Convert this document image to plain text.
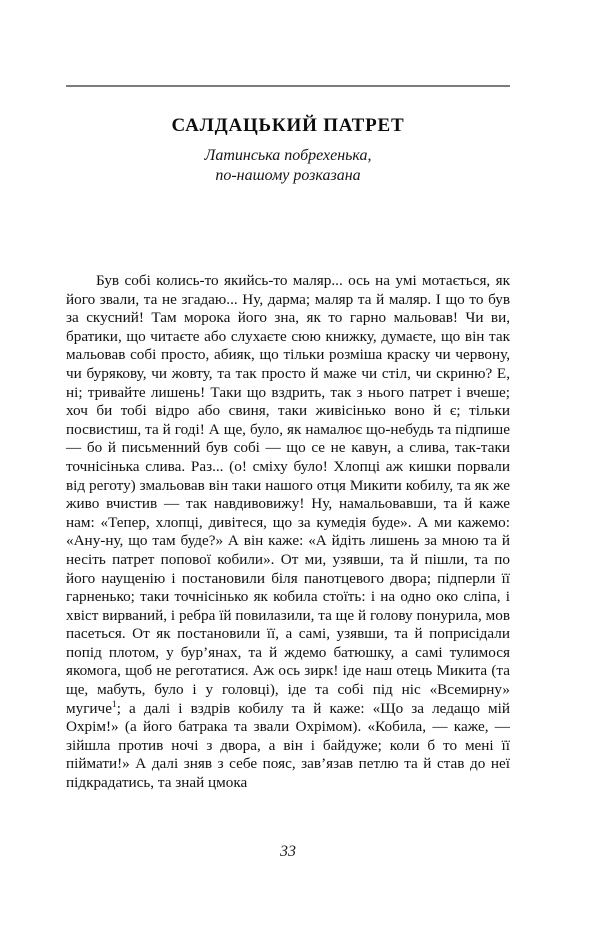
САЛДАЦЬКИЙ ПАТРЕТ
Латинська побрехенька,
по-нашому розказана

Був собі колись-то якийсь-то маляр... ось на умі мотається, як його звали, та не згадаю... Ну, дарма; маляр та й маляр. І що то був за скусний! Там морока його зна, як то гарно мальовав! Чи ви, братики, що читаєте або слухаєте сюю книжку, думаєте, що він так мальовав собі просто, абияк, що тільки розміша краску чи червону, чи бурякову, чи жовту, та так просто й маже чи стіл, чи скриню? Е, ні; тривайте лишень! Таки що вздрить, так з нього патрет і вчеше; хоч би тобі відро або свиня, таки живісінько воно й є; тільки посвистиш, та й годі! А ще, було, як намалює що-небудь та підпише — бо й письменний був собі — що се не кавун, а слива, так-таки точнісінька слива. Раз... (о! сміху було! Хлопці аж кишки порвали від реготу) змальовав він таки нашого отця Микити кобилу, та як же живо вчистив — так навдивовижу! Ну, намальовавши, та й каже нам: «Тепер, хлопці, дивітеся, що за кумедія буде». А ми кажемо: «Ану-ну, що там буде?» А він каже: «А йдіть лишень за мною та й несіть патрет попової кобили». От ми, узявши, та й пішли, та по його наущенію і постановили біля панотцевого двора; підперли її гарненько; таки точнісінько як кобила стоїть: і на одно око сліпа, і хвіст вирваний, і ребра їй повилазили, та ще й голову понурила, мов пасеться. От як постановили її, а самі, узявши, та й поприсідали попід плотом, у бур’янах, та й ждемо батюшку, а самі тулимося якомога, щоб не реготатися. Аж ось зирк! іде наш отець Микита (та ще, мабуть, було і у головці), іде та собі під ніс «Всемирну» мугиче$^1$; а далі і вздрів кобилу та й каже: «Що за ледащо мій Охрім!» (а його батрака та звали Охрімом). «Кобила, — каже, — зійшла против ночі з двора, а він і байдуже; коли б то мені її піймати!» А далі зняв з себе пояс, зав’язав петлю та й став до неї підкрадатись, та знай цмока

33
